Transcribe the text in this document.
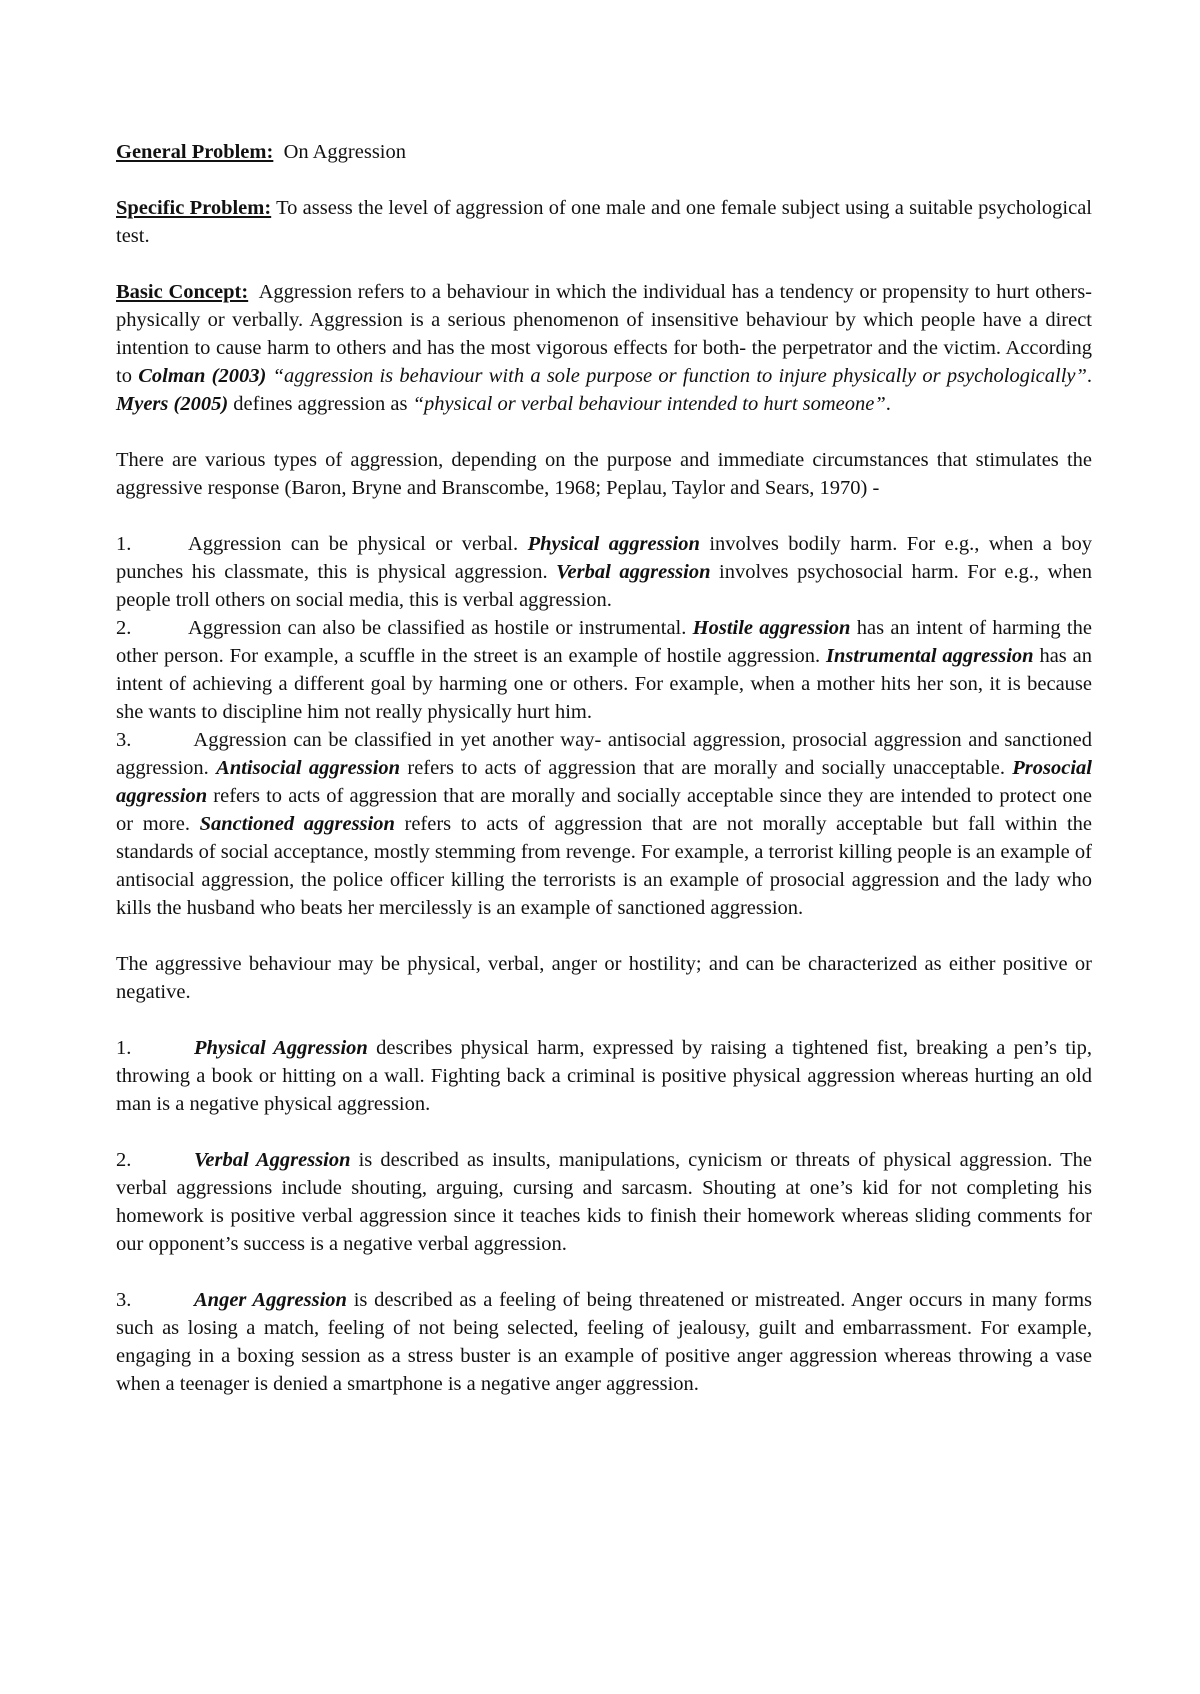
General Problem: On Aggression

Specific Problem: To assess the level of aggression of one male and one female subject using a suitable psychological test.

Basic Concept: Aggression refers to a behaviour in which the individual has a tendency or propensity to hurt others- physically or verbally. Aggression is a serious phenomenon of insensitive behaviour by which people have a direct intention to cause harm to others and has the most vigorous effects for both- the perpetrator and the victim. According to Colman (2003) “aggression is behaviour with a sole purpose or function to injure physically or psychologically”. Myers (2005) defines aggression as “physical or verbal behaviour intended to hurt someone”.

There are various types of aggression, depending on the purpose and immediate circumstances that stimulates the aggressive response (Baron, Bryne and Branscombe, 1968; Peplau, Taylor and Sears, 1970) -

1.	Aggression can be physical or verbal. Physical aggression involves bodily harm. For e.g., when a boy punches his classmate, this is physical aggression. Verbal aggression involves psychosocial harm. For e.g., when people troll others on social media, this is verbal aggression.

2.	Aggression can also be classified as hostile or instrumental. Hostile aggression has an intent of harming the other person. For example, a scuffle in the street is an example of hostile aggression. Instrumental aggression has an intent of achieving a different goal by harming one or others. For example, when a mother hits her son, it is because she wants to discipline him not really physically hurt him.

3.	Aggression can be classified in yet another way- antisocial aggression, prosocial aggression and sanctioned aggression. Antisocial aggression refers to acts of aggression that are morally and socially unacceptable. Prosocial aggression refers to acts of aggression that are morally and socially acceptable since they are intended to protect one or more. Sanctioned aggression refers to acts of aggression that are not morally acceptable but fall within the standards of social acceptance, mostly stemming from revenge. For example, a terrorist killing people is an example of antisocial aggression, the police officer killing the terrorists is an example of prosocial aggression and the lady who kills the husband who beats her mercilessly is an example of sanctioned aggression.

The aggressive behaviour may be physical, verbal, anger or hostility; and can be characterized as either positive or negative.

1.	Physical Aggression describes physical harm, expressed by raising a tightened fist, breaking a pen’s tip, throwing a book or hitting on a wall. Fighting back a criminal is positive physical aggression whereas hurting an old man is a negative physical aggression.

2.	Verbal Aggression is described as insults, manipulations, cynicism or threats of physical aggression. The verbal aggressions include shouting, arguing, cursing and sarcasm. Shouting at one’s kid for not completing his homework is positive verbal aggression since it teaches kids to finish their homework whereas sliding comments for our opponent’s success is a negative verbal aggression.

3.	Anger Aggression is described as a feeling of being threatened or mistreated. Anger occurs in many forms such as losing a match, feeling of not being selected, feeling of jealousy, guilt and embarrassment. For example, engaging in a boxing session as a stress buster is an example of positive anger aggression whereas throwing a vase when a teenager is denied a smartphone is a negative anger aggression.
